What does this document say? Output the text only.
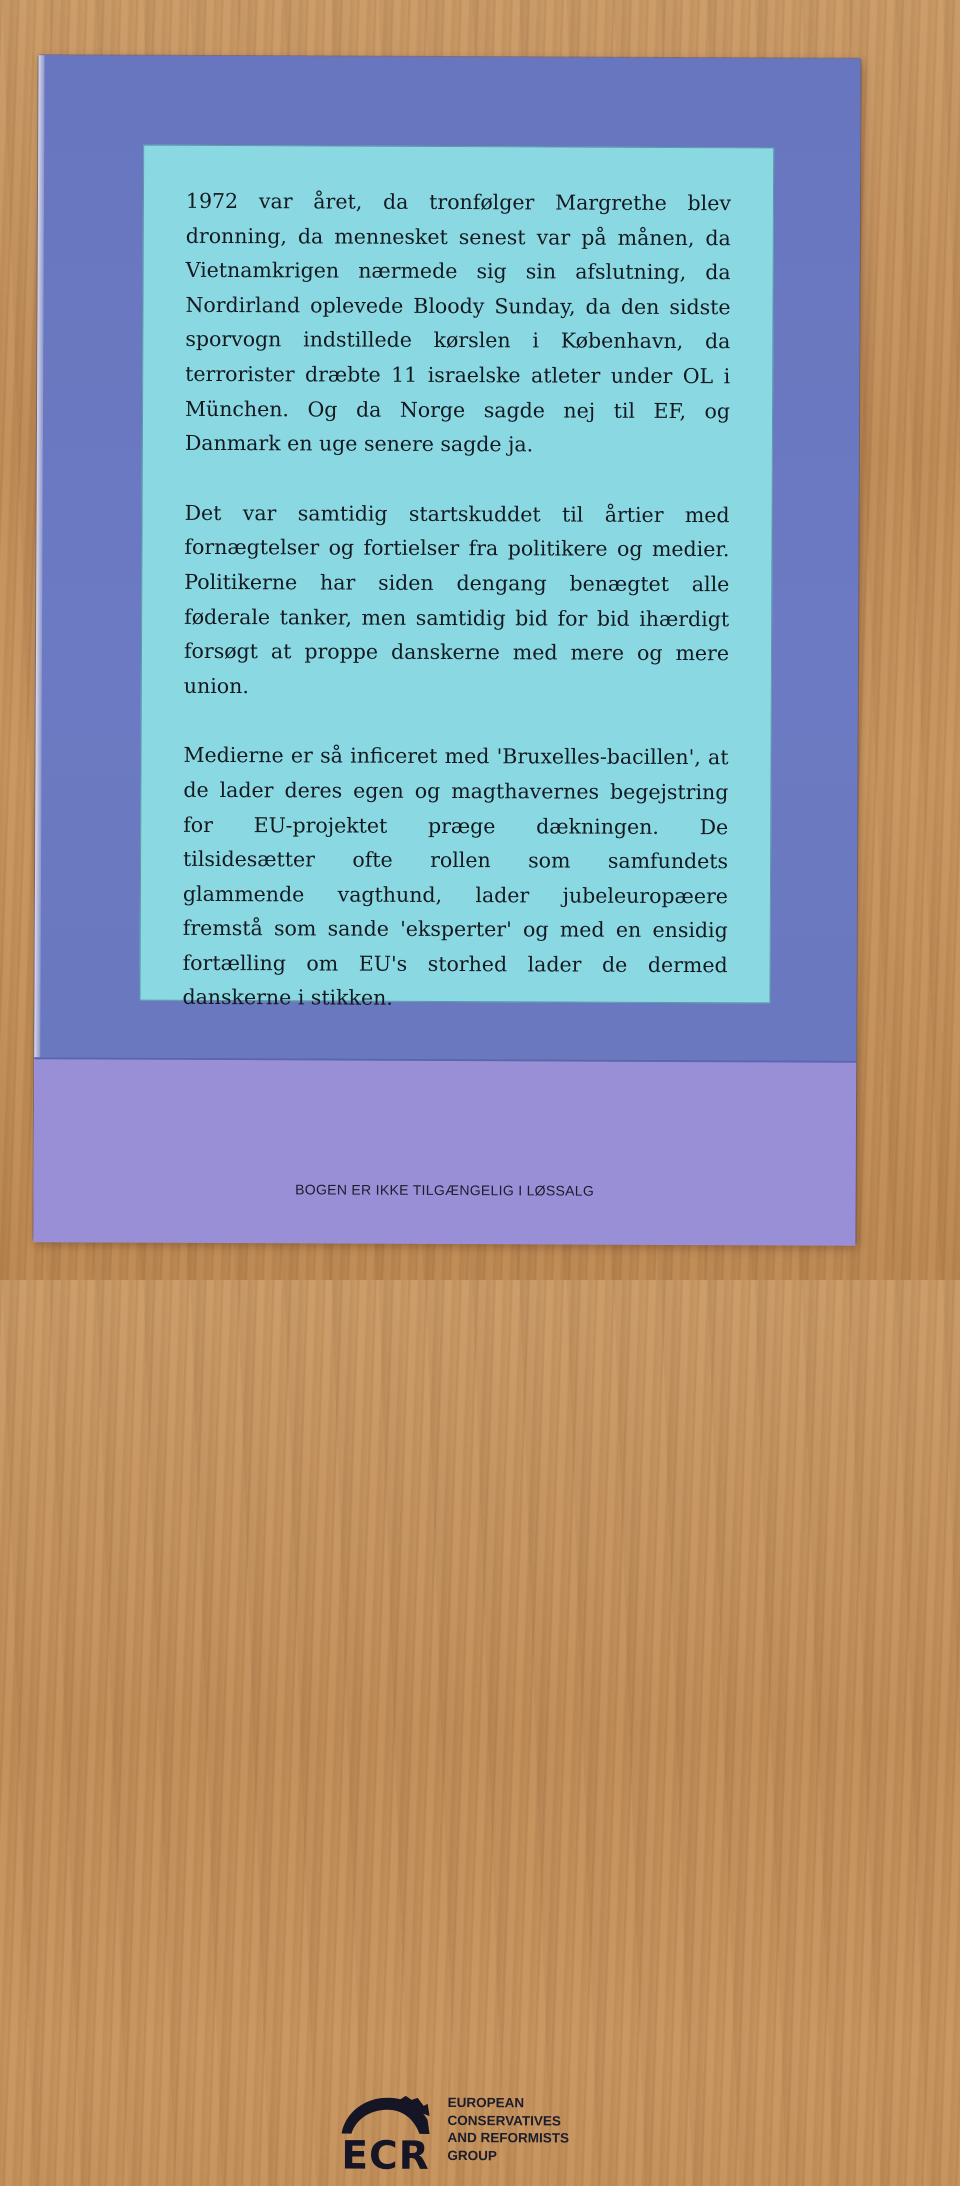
1972 var året, da tronfølger Margrethe blev dronning, da mennesket senest var på månen, da Vietnamkrigen nærmede sig sin afslutning, da Nordirland oplevede Bloody Sunday, da den sidste sporvogn indstillede kørslen i København, da terrorister dræbte 11 israelske atleter under OL i München. Og da Norge sagde nej til EF, og Danmark en uge senere sagde ja.

Det var samtidig startskuddet til årtier med fornægtelser og fortielser fra politikere og medier. Politikerne har siden dengang benægtet alle føderale tanker, men samtidig bid for bid ihærdigt forsøgt at proppe danskerne med mere og mere union.

Medierne er så inficeret med 'Bruxelles-bacillen', at de lader deres egen og magthavernes begejstring for EU-projektet præge dækningen. De tilsidesætter ofte rollen som samfundets glammende vagthund, lader jubeleuropæere fremstå som sande 'eksperter' og med en ensidig fortælling om EU's storhed lader de dermed danskerne i stikken.

ECR
EUROPEAN
CONSERVATIVES
AND REFORMISTS
GROUP
BOGEN ER IKKE TILGÆNGELIG I LØSSALG
